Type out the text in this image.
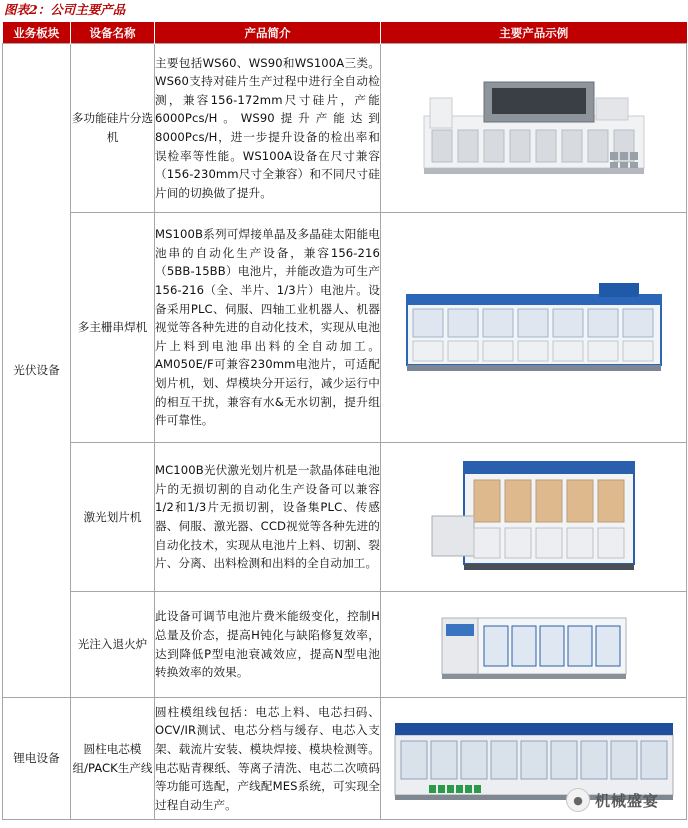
图表2：公司主要产品
业务板块	设备名称	产品简介	主要产品示例
光伏设备	多功能硅片分选机	主要包括WS60、WS90和WS100A三类。WS60支持对硅片生产过程中进行全自动检测，兼容156-172mm尺寸硅片，产能6000Pcs/H。WS90提升产能达到8000Pcs/H，进一步提升设备的检出率和误检率等性能。WS100A设备在尺寸兼容（156-230mm尺寸全兼容）和不同尺寸硅片间的切换做了提升。	

	多主栅串焊机	MS100B系列可焊接单晶及多晶硅太阳能电池串的自动化生产设备，兼容156-216（5BB-15BB）电池片，并能改造为可生产156-216（全、半片、1/3片）电池片。设备采用PLC、伺服、四轴工业机器人、机器视觉等各种先进的自动化技术，实现从电池片上料到电池串出料的全自动加工。AM050E/F可兼容230mm电池片，可适配划片机，划、焊模块分开运行，减少运行中的相互干扰，兼容有水&无水切割，提升组件可靠性。	

	激光划片机	MC100B光伏激光划片机是一款晶体硅电池片的无损切割的自动化生产设备可以兼容1/2和1/3片无损切割，设备集PLC、传感器、伺服、激光器、CCD视觉等各种先进的自动化技术，实现从电池片上料、切割、裂片、分离、出料检测和出料的全自动加工。	

	光注入退火炉	此设备可调节电池片费米能级变化，控制H总量及价态，提高H钝化与缺陷修复效率，达到降低P型电池衰减效应，提高N型电池转换效率的效果。	

锂电设备	圆柱电芯模组/PACK生产线	圆柱模组线包括：电芯上料、电芯扫码、OCV/IR测试、电芯分档与缓存、电芯入支架、载流片安装、模块焊接、模块检测等。电芯贴青稞纸、等离子清洗、电芯二次喷码等功能可选配，产线配MES系统，可实现全过程自动生产。		● 机械盛宴
